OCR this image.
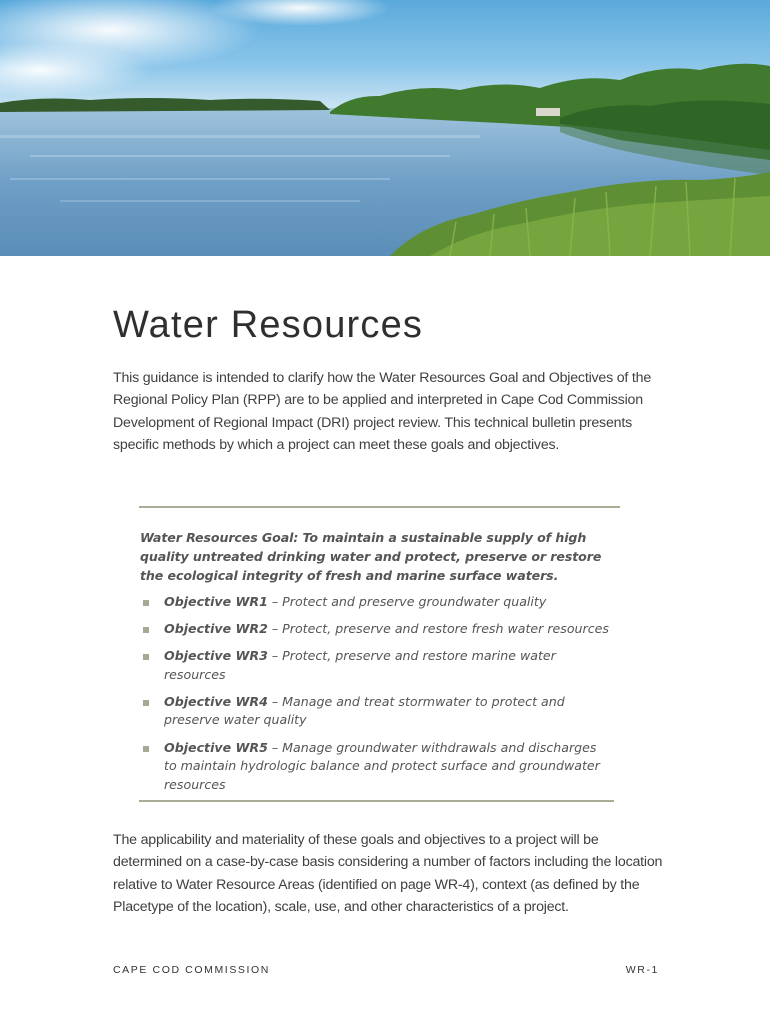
Water Resources

This guidance is intended to clarify how the Water Resources Goal and Objectives of the Regional Policy Plan (RPP) are to be applied and interpreted in Cape Cod Commission Development of Regional Impact (DRI) project review. This technical bulletin presents specific methods by which a project can meet these goals and objectives.

Water Resources Goal: To maintain a sustainable supply of high quality untreated drinking water and protect, preserve or restore the ecological integrity of fresh and marine surface waters.

Objective WR1 – Protect and preserve groundwater quality
Objective WR2 – Protect, preserve and restore fresh water resources
Objective WR3 – Protect, preserve and restore marine water resources
Objective WR4 – Manage and treat stormwater to protect and preserve water quality
Objective WR5 – Manage groundwater withdrawals and discharges to maintain hydrologic balance and protect surface and groundwater resources

The applicability and materiality of these goals and objectives to a project will be determined on a case-by-case basis considering a number of factors including the location relative to Water Resource Areas (identified on page WR-4), context (as defined by the Placetype of the location), scale, use, and other characteristics of a project.

CAPE COD COMMISSION	WR-1
